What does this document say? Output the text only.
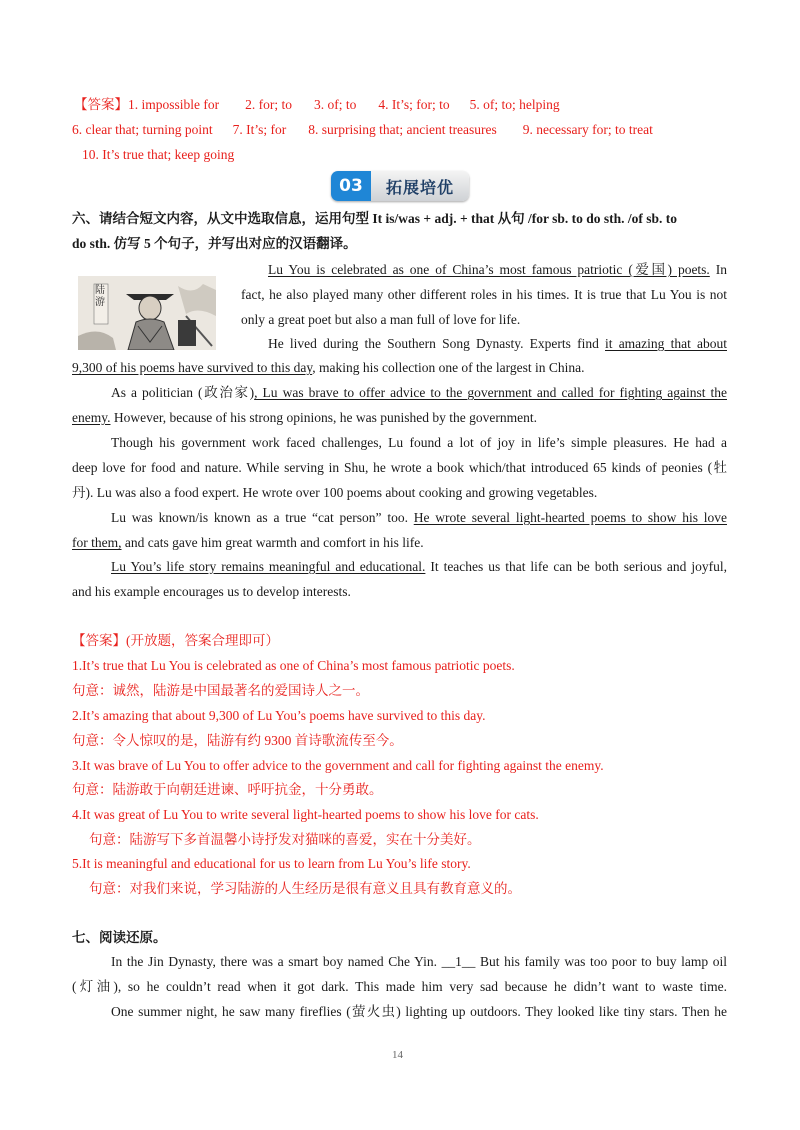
【答案】1. impossible for 2. for; to 3. of; to 4. It’s; for; to 5. of; to; helping
6. clear that; turning point 7. It’s; for 8. surprising that; ancient treasures 9. necessary for; to treat
10. It’s true that; keep going
03	拓展培优
六、请结合短文内容，从文中选取信息，运用句型 It is/was + adj. + that 从句 /for sb. to do sth. /of sb. to
do sth. 仿写 5 个句子，并写出对应的汉语翻译。
陆游
Lu You is celebrated as one of China’s most famous patriotic (爱国) poets. In
fact, he also played many other different roles in his times. It is true that Lu You is not
only a great poet but also a man full of love for life.
He lived during the Southern Song Dynasty. Experts find it amazing that about
9,300 of his poems have survived to this day, making his collection one of the largest in China.
As a politician (政治家), Lu was brave to offer advice to the government and called for fighting against the
enemy. However, because of his strong opinions, he was punished by the government.
Though his government work faced challenges, Lu found a lot of joy in life’s simple pleasures. He had a
deep love for food and nature. While serving in Shu, he wrote a book which/that introduced 65 kinds of peonies (牡
丹). Lu was also a food expert. He wrote over 100 poems about cooking and growing vegetables.
Lu was known/is known as a true “cat person” too. He wrote several light-hearted poems to show his love
for them, and cats gave him great warmth and comfort in his life.
Lu You’s life story remains meaningful and educational. It teaches us that life can be both serious and joyful,
and his example encourages us to develop interests.
【答案】(开放题，答案合理即可）
1.It’s true that Lu You is celebrated as one of China’s most famous patriotic poets.
句意：诚然，陆游是中国最著名的爱国诗人之一。
2.It’s amazing that about 9,300 of Lu You’s poems have survived to this day.
句意：令人惊叹的是，陆游有约 9300 首诗歌流传至今。
3.It was brave of Lu You to offer advice to the government and call for fighting against the enemy.
句意：陆游敢于向朝廷进谏、呼吁抗金，十分勇敢。
4.It was great of Lu You to write several light-hearted poems to show his love for cats.
句意：陆游写下多首温馨小诗抒发对猫咪的喜爱，实在十分美好。
5.It is meaningful and educational for us to learn from Lu You’s life story.
句意：对我们来说，学习陆游的人生经历是很有意义且具有教育意义的。
七、阅读还原。
In the Jin Dynasty, there was a smart boy named Che Yin. __1__ But his family was too poor to buy lamp oil
(灯油), so he couldn’t read when it got dark. This made him very sad because he didn’t want to waste time.
One summer night, he saw many fireflies (萤火虫) lighting up outdoors. They looked like tiny stars. Then he
14
